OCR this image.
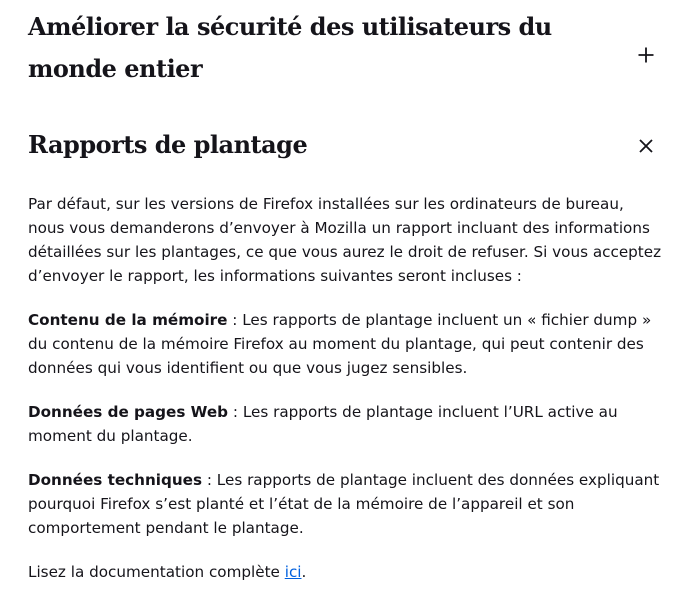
Améliorer la sécurité des utilisateurs du monde entier
Rapports de plantage

Par défaut, sur les versions de Firefox installées sur les ordinateurs de bureau, nous vous demanderons d’envoyer à Mozilla un rapport incluant des informations détaillées sur les plantages, ce que vous aurez le droit de refuser. Si vous acceptez d’envoyer le rapport, les informations suivantes seront incluses :

Contenu de la mémoire : Les rapports de plantage incluent un « fichier dump » du contenu de la mémoire Firefox au moment du plantage, qui peut contenir des données qui vous identifient ou que vous jugez sensibles.

Données de pages Web : Les rapports de plantage incluent l’URL active au moment du plantage.

Données techniques : Les rapports de plantage incluent des données expliquant pourquoi Firefox s’est planté et l’état de la mémoire de l’appareil et son comportement pendant le plantage.

Lisez la documentation complète ici.
